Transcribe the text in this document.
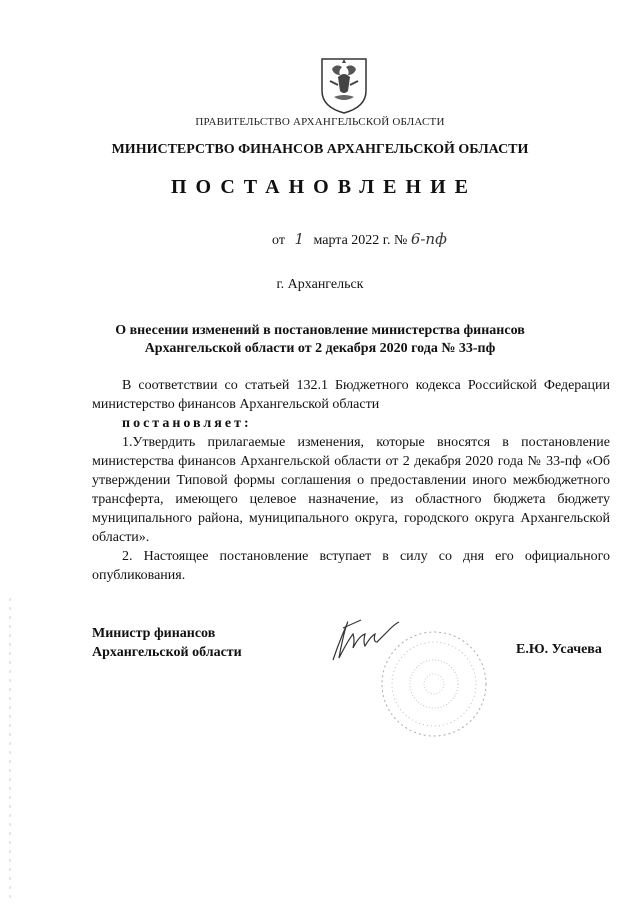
ПРАВИТЕЛЬСТВО АРХАНГЕЛЬСКОЙ ОБЛАСТИ
МИНИСТЕРСТВО ФИНАНСОВ АРХАНГЕЛЬСКОЙ ОБЛАСТИ
ПОСТАНОВЛЕНИЕ
от 1 марта 2022 г. № 6-пф
г. Архангельск
О внесении изменений в постановление министерства финансов
Архангельской области от 2 декабря 2020 года № 33-пф

В соответствии со статьей 132.1 Бюджетного кодекса Российской Федерации министерство финансов Архангельской области

постановляет:

1.Утвердить прилагаемые изменения, которые вносятся в постановление министерства финансов Архангельской области от 2 декабря 2020 года № 33-пф «Об утверждении Типовой формы соглашения о предоставлении иного межбюджетного трансферта, имеющего целевое назначение, из областного бюджета бюджету муниципального района, муниципального округа, городского округа Архангельской области».

2. Настоящее постановление вступает в силу со дня его официального опубликования.

Министр финансов
Архангельской области	Е.Ю. Усачева
